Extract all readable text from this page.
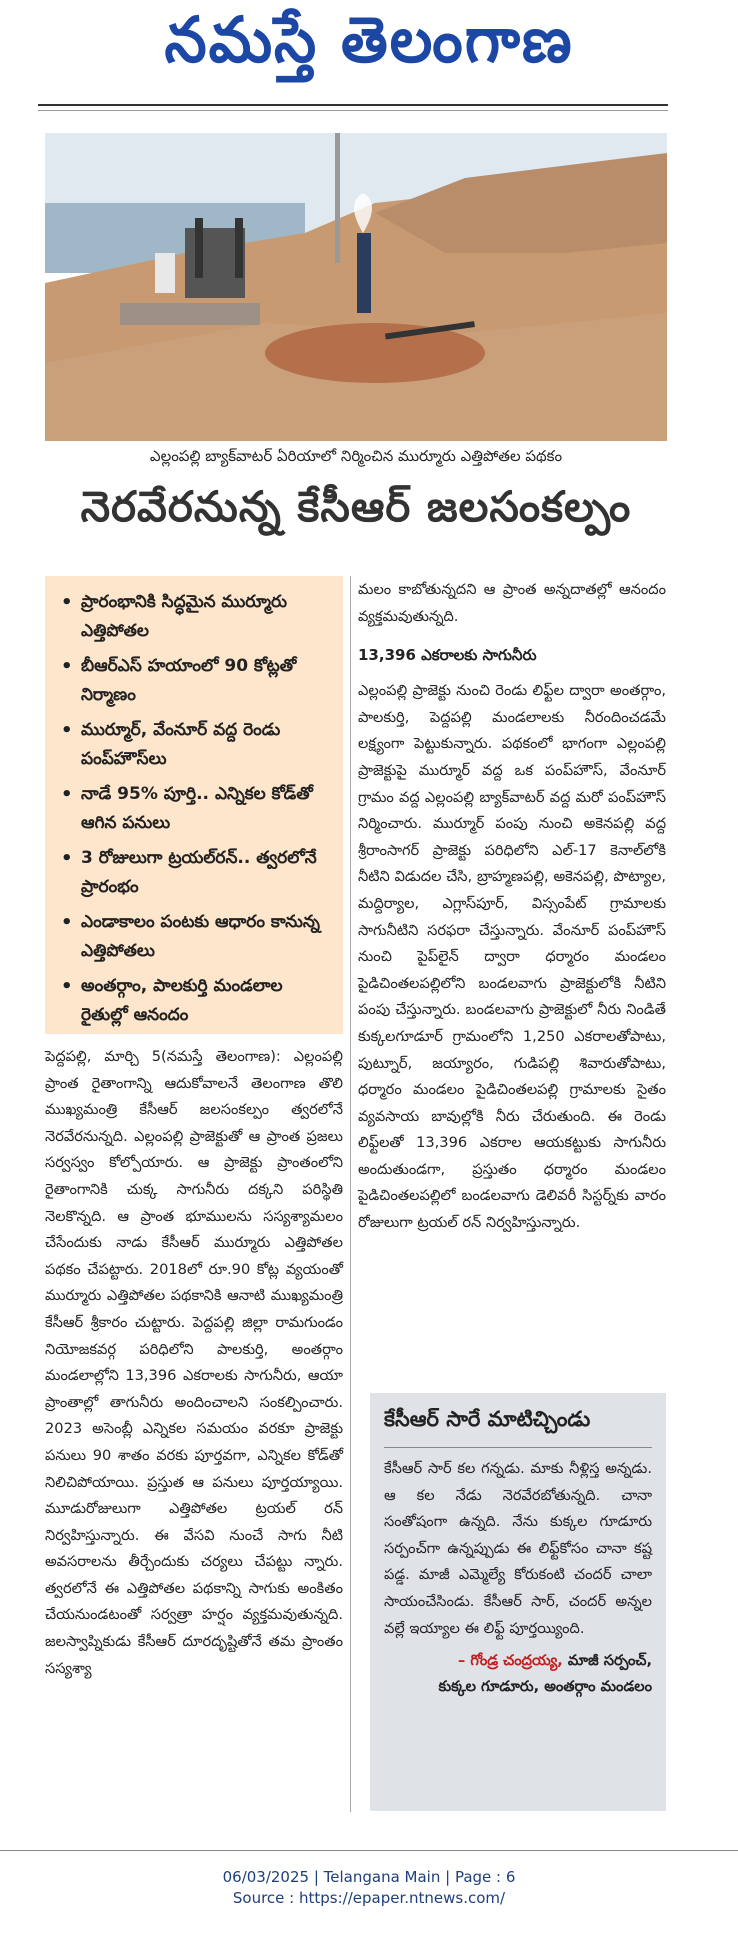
నమస్తే తెలంగాణ
ఎల్లంపల్లి బ్యాక్‌వాటర్ ఏరియాలో నిర్మించిన ముర్మూరు ఎత్తిపోతల పథకం
నెరవేరనున్న కేసీఆర్ జలసంకల్పం
• ప్రారంభానికి సిద్ధమైన ముర్మూరు ఎత్తిపోతల
• బీఆర్‌ఎస్ హయాంలో 90 కోట్లతో నిర్మాణం
• ముర్మూర్, వేంనూర్ వద్ద రెండు పంప్‌హౌస్‌లు
• నాడే 95% పూర్తి.. ఎన్నికల కోడ్‌తో ఆగిన పనులు
• 3 రోజులుగా ట్రయల్‌రన్.. త్వరలోనే ప్రారంభం
• ఎండాకాలం పంటకు ఆధారం కానున్న ఎత్తిపోతలు
• అంతర్గాం, పాలకుర్తి మండలాల రైతుల్లో ఆనందం

పెద్దపల్లి, మార్చి 5(నమస్తే తెలంగాణ): ఎల్లంపల్లి ప్రాంత రైతాంగాన్ని ఆదుకోవాలనే తెలంగాణ తొలి ముఖ్యమంత్రి కేసీఆర్ జలసంకల్పం త్వరలోనే నెరవేరనున్నది. ఎల్లంపల్లి ప్రాజెక్టుతో ఆ ప్రాంత ప్రజలు సర్వస్వం కోల్పోయారు. ఆ ప్రాజెక్టు ప్రాంతంలోని రైతాంగానికి చుక్క సాగునీరు దక్కని పరిస్థితి నెలకొన్నది. ఆ ప్రాంత భూములను సస్యశ్యామలం చేసేందుకు నాడు కేసీఆర్ ముర్మూరు ఎత్తిపోతల పథకం చేపట్టారు. 2018లో రూ.90 కోట్ల వ్యయంతో ముర్మూరు ఎత్తిపోతల పథకానికి ఆనాటి ముఖ్యమంత్రి కేసీఆర్ శ్రీకారం చుట్టారు. పెద్దపల్లి జిల్లా రామగుండం నియోజకవర్గ పరిధిలోని పాలకుర్తి, అంతర్గాం మండలాల్లోని 13,396 ఎకరాలకు సాగునీరు, ఆయా ప్రాంతాల్లో తాగునీరు అందించాలని సంకల్పించారు. 2023 అసెంబ్లీ ఎన్నికల సమయం వరకూ ప్రాజెక్టు పనులు 90 శాతం వరకు పూర్తవగా, ఎన్నికల కోడ్‌తో నిలిచిపోయాయి. ప్రస్తుత ఆ పనులు పూర్తయ్యాయి. మూడురోజులుగా ఎత్తిపోతల ట్రయల్ రన్ నిర్వహిస్తున్నారు. ఈ వేసవి నుంచే సాగు నీటి అవసరాలను తీర్చేందుకు చర్యలు చేపట్టు న్నారు. త్వరలోనే ఈ ఎత్తిపోతల పథకాన్ని సాగుకు అంకితం చేయనుండటంతో సర్వత్రా హర్షం వ్యక్తమవుతున్నది. జలస్వాప్నికుడు కేసీఆర్ దూరదృష్టితోనే తమ ప్రాంతం సస్యశ్యా

మలం కాబోతున్నదని ఆ ప్రాంత అన్నదాతల్లో ఆనందం వ్యక్తమవుతున్నది.

13,396 ఎకరాలకు సాగునీరు

ఎల్లంపల్లి ప్రాజెక్టు నుంచి రెండు లిఫ్ట్‌ల ద్వారా అంతర్గాం, పాలకుర్తి, పెద్దపల్లి మండలాలకు నీరందించడమే లక్ష్యంగా పెట్టుకున్నారు. పథకంలో భాగంగా ఎల్లంపల్లి ప్రాజెక్టుపై ముర్మూర్ వద్ద ఒక పంప్‌హౌస్, వేంనూర్ గ్రామం వద్ద ఎల్లంపల్లి బ్యాక్‌వాటర్ వద్ద మరో పంప్‌హౌస్ నిర్మించారు. ముర్మూర్ పంపు నుంచి అకెనపల్లి వద్ద శ్రీరాంసాగర్ ప్రాజెక్టు పరిధిలోని ఎల్-17 కెనాల్‌లోకి నీటిని విడుదల చేసి, బ్రాహ్మణపల్లి, అకెనపల్లి, పొట్యాల, మద్దిర్యాల, ఎగ్లాస్‌పూర్, విస్సంపేట్ గ్రామాలకు సాగునీటిని సరఫరా చేస్తున్నారు. వేంనూర్ పంప్‌హౌస్ నుంచి పైప్‌లైన్ ద్వారా ధర్మారం మండలం పైడిచింతలపల్లిలోని బండలవాగు ప్రాజెక్టులోకి నీటిని పంపు చేస్తున్నారు. బండలవాగు ప్రాజెక్టులో నీరు నిండితే కుక్కలగూడూర్ గ్రామంలోని 1,250 ఎకరాలతోపాటు, పుట్నూర్, జయ్యారం, గుడిపల్లి శివారుతోపాటు, ధర్మారం మండలం పైడిచింతలపల్లి గ్రామాలకు సైతం వ్యవసాయ బావుల్లోకి నీరు చేరుతుంది. ఈ రెండు లిఫ్ట్‌లతో 13,396 ఎకరాల ఆయకట్టుకు సాగునీరు అందుతుండగా, ప్రస్తుతం ధర్మారం మండలం పైడిచింతలపల్లిలో బండలవాగు డెలివరీ సిస్టర్న్‌కు వారం రోజులుగా ట్రయల్ రన్ నిర్వహిస్తున్నారు.

కేసీఆర్ సారే మాటిచ్చిండు
కేసీఆర్ సార్ కల గన్నడు. మాకు నీళ్లిస్త అన్నడు. ఆ కల నేడు నెరవేరబోతున్నది. చానా సంతోషంగా ఉన్నది. నేను కుక్కల గూడూరు సర్పంచ్‌గా ఉన్నప్పుడు ఈ లిఫ్ట్‌కోసం చానా కష్ట పడ్డ. మాజీ ఎమ్మెల్యే కోరుకంటి చందర్ చాలా సాయంచేసిండు. కేసీఆర్ సార్, చందర్ అన్నల వల్లే ఇయ్యాల ఈ లిఫ్ట్ పూర్తయ్యింది.
– గోండ్ర చంద్రయ్య, మాజీ సర్పంచ్,
కుక్కల గూడూరు, అంతర్గాం మండలం
06/03/2025 | Telangana Main | Page : 6
Source : https://epaper.ntnews.com/
